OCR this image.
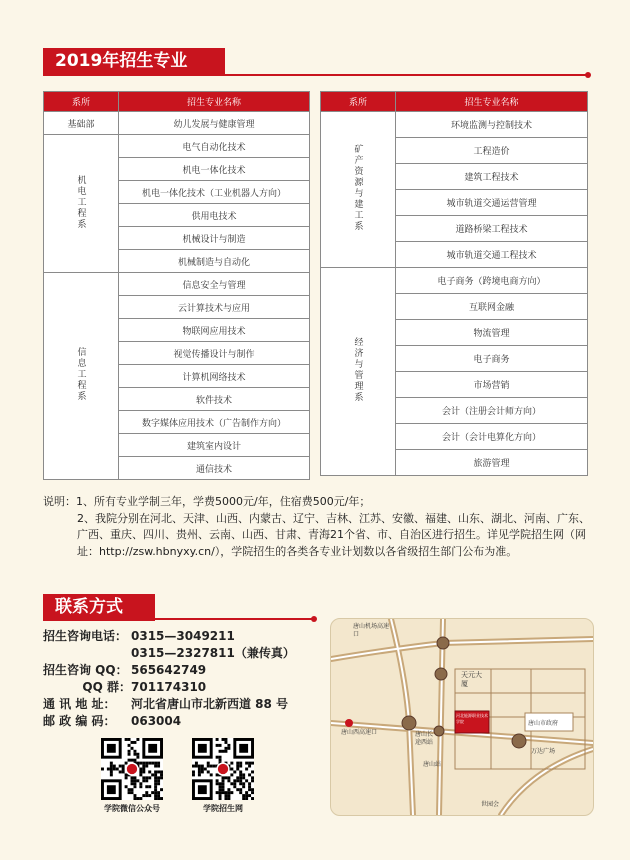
2019年招生专业
系所	招生专业名称
基础部	幼儿发展与健康管理
机电工程系	电气自动化技术
	机电一体化技术
	机电一体化技术（工业机器人方向）
	供用电技术
	机械设计与制造
	机械制造与自动化
信息工程系	信息安全与管理
	云计算技术与应用
	物联网应用技术
	视觉传播设计与制作
	计算机网络技术
	软件技术
	数字媒体应用技术（广告制作方向）
	建筑室内设计
	通信技术
系所	招生专业名称
矿产资源与建工系	环境监测与控制技术
	工程造价
	建筑工程技术
	城市轨道交通运营管理
	道路桥梁工程技术
	城市轨道交通工程技术
经济与管理系	电子商务（跨境电商方向）
	互联网金融
	物流管理
	电子商务
	市场营销
	会计（注册会计师方向）
	会计（会计电算化方向）
	旅游管理
说明：1、所有专业学制三年，学费5000元/年，住宿费500元/年；
2、我院分别在河北、天津、山西、内蒙古、辽宁、吉林、江苏、安徽、福建、山东、湖北、河南、广东、广西、重庆、四川、贵州、云南、山西、甘肃、青海21个省、市、自治区进行招生。详见学院招生网（网址：http://zsw.hbnyxy.cn/），学院招生的各类各专业计划数以各省级招生部门公布为准。
联系方式
招生咨询电话： 0315—3049211
0315—2327811（兼传真）
招生咨询 QQ： 565642749
QQ 群：701174310
通 讯 地 址： 河北省唐山市北新西道 88 号
邮 政 编 码： 063004
学院微信公众号	学院招生网
唐山机场高速口
唐山西高速口
天元大厦
河北能源职业技术学院	唐山市政府
唐山长途西站
唐山站
万达广场
世园会
